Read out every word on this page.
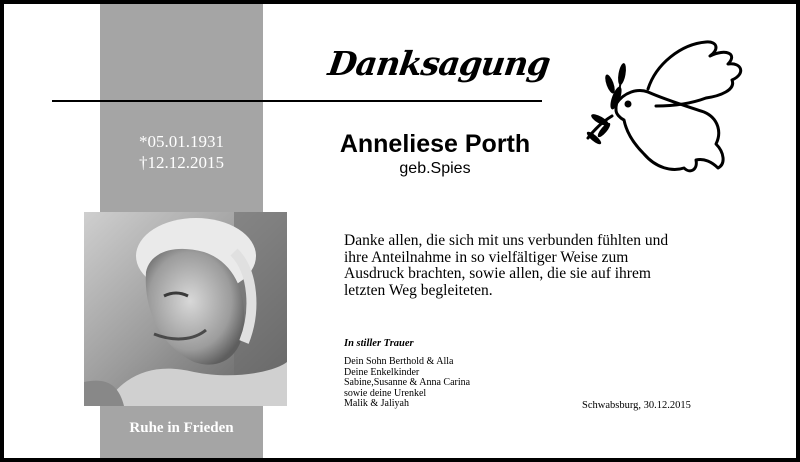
Danksagung
*05.01.1931
†12.12.2015
Anneliese Porth
geb.Spies
Danke allen, die sich mit uns verbunden fühlten und ihre Anteilnahme in so vielfältiger Weise zum Ausdruck brachten, sowie allen, die sie auf ihrem letzten Weg begleiteten.
In stiller Trauer
Dein Sohn Berthold & Alla
Deine Enkelkinder
Sabine,Susanne & Anna Carina
sowie deine Urenkel
Malik & Jaliyah	Schwabsburg, 30.12.2015
Ruhe in Frieden
